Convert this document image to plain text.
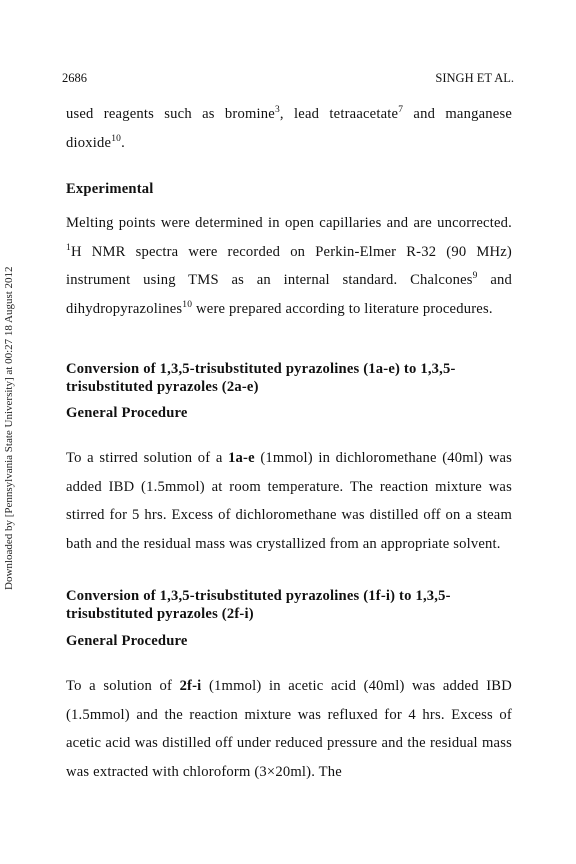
Downloaded by [Pennsylvania State University] at 00:27 18 August 2012
2686	SINGH ET AL.

used reagents such as bromine$^3$, lead tetraacetate$^7$ and manganese dioxide$^{10}$.

Experimental

Melting points were determined in open capillaries and are uncorrected. $^1$H NMR spectra were recorded on Perkin-Elmer R-32 (90 MHz) instrument using TMS as an internal standard. Chalcones$^9$ and dihydropyrazolines$^{10}$ were prepared according to literature procedures.

Conversion of 1,3,5-trisubstituted pyrazolines (1a-e) to 1,3,5-trisubstituted pyrazoles (2a-e)

General Procedure

To a stirred solution of a 1a-e (1mmol) in dichloromethane (40ml) was added IBD (1.5mmol) at room temperature. The reaction mixture was stirred for 5 hrs. Excess of dichloromethane was distilled off on a steam bath and the residual mass was crystallized from an appropriate solvent.

Conversion of 1,3,5-trisubstituted pyrazolines (1f-i) to 1,3,5-trisubstituted pyrazoles (2f-i)

General Procedure

To a solution of 2f-i (1mmol) in acetic acid (40ml) was added IBD (1.5mmol) and the reaction mixture was refluxed for 4 hrs. Excess of acetic acid was distilled off under reduced pressure and the residual mass was extracted with chloroform (3×20ml). The
